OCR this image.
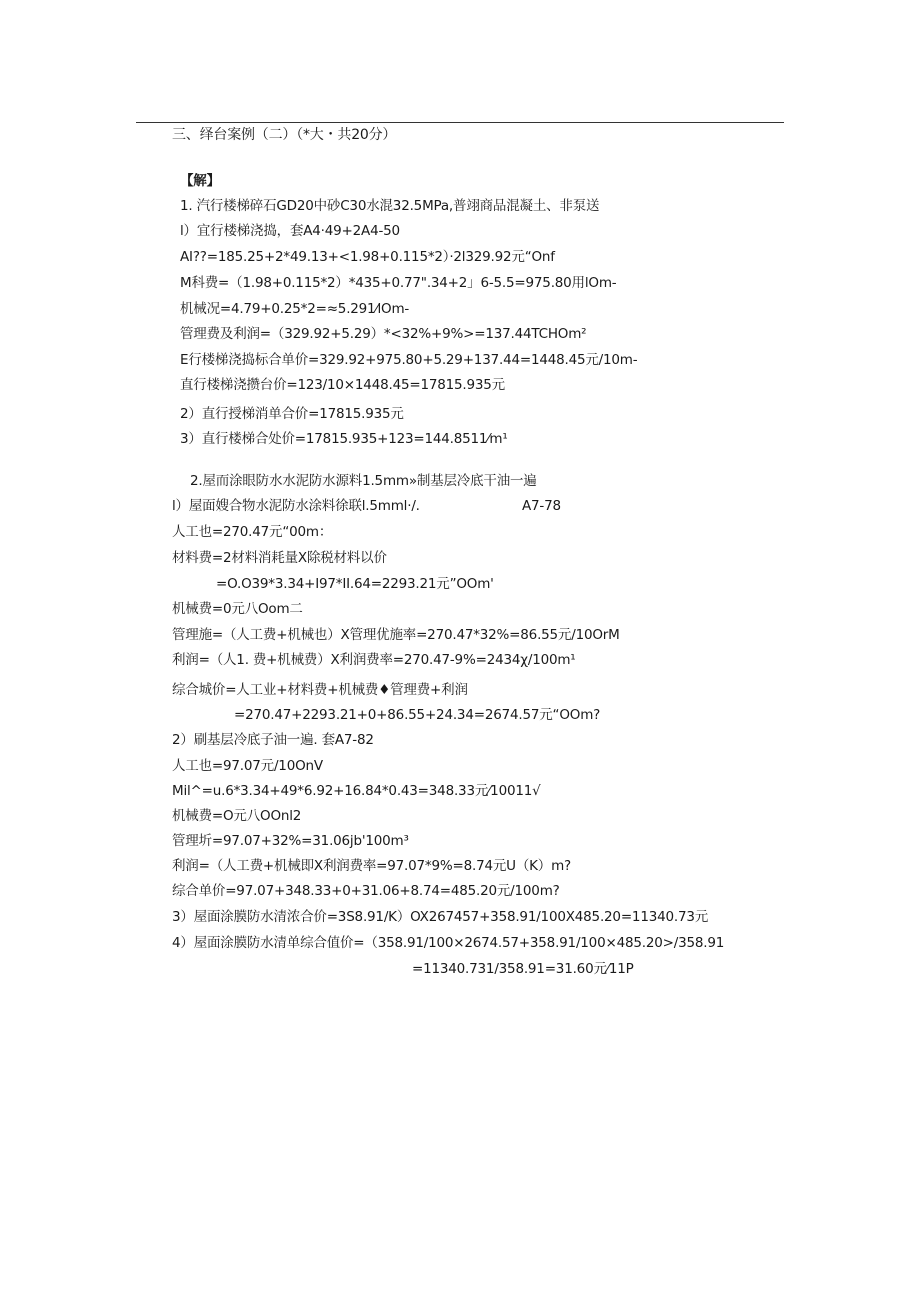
三、绎台案例（二）（*大・共20分）
【解】
1. 汽行楼梯碎石GD20中砂C30水混32.5MPa,普翊商品混凝土、非泵送
l）宜行楼梯浇捣，套A4·49+2A4-50
AI??=185.25+2*49.13+<1.98+0.115*2）·2l329.92元“Onf
M科费=（1.98+0.115*2）*435+0.77".34+2」6-5.5=975.80用lOm-
机械况=4.79+0.25*2=≈5.291⁄lOm-
管理费及利润=（329.92+5.29）*<32%+9%>=137.44TCHOm²
E行楼梯浇捣标合单价=329.92+975.80+5.29+137.44=1448.45元/10m-
直行楼梯浇攒台价=123/10×1448.45=17815.935元
2）直行授梯消单合价=17815.935元
3）直行楼梯合处价=17815.935+123=144.8511⁄m¹
2.屋而涂眼防水水泥防水源料1.5mm»制基层冷底干油一遍
l）屋面嫂合物水泥防水涂料徐联l.5mml·/.	A7-78
人工也=270.47元“00m：
材料费=2材料消耗量X除税材料以价
=O.O39*3.34+I97*II.64=2293.21元”OOm'
机械费=0元八Oom二
管理施=（人工费+机械也）X管理优施率=270.47*32%=86.55元/10OrM
利润=（人1. 费+机械费）X利润费率=270.47-9%=2434χ/100m¹
综合城价=人工业+材料费+机械费♦管理费+利润
=270.47+2293.21+0+86.55+24.34=2674.57元“OOm?
2）刷基层冷底子油一遍. 套A7-82
人工也=97.07元/10OnV
Mil^=u.6*3.34+49*6.92+16.84*0.43=348.33元⁄10011√
机械费=O元八OOnl2
管理圻=97.07+32%=31.06jb'100m³
利润=（人工费+机械即X利润费率=97.07*9%=8.74元U（K）m?
综合单价=97.07+348.33+0+31.06+8.74=485.20元/100m?
3）屋面涂膜防水清浓合价=3S8.91/K）OX267457+358.91/100X485.20=11340.73元
4）屋面涂膜防水清单综合值价=（358.91/100×2674.57+358.91/100×485.20>/358.91
=11340.731/358.91=31.60元⁄11P
